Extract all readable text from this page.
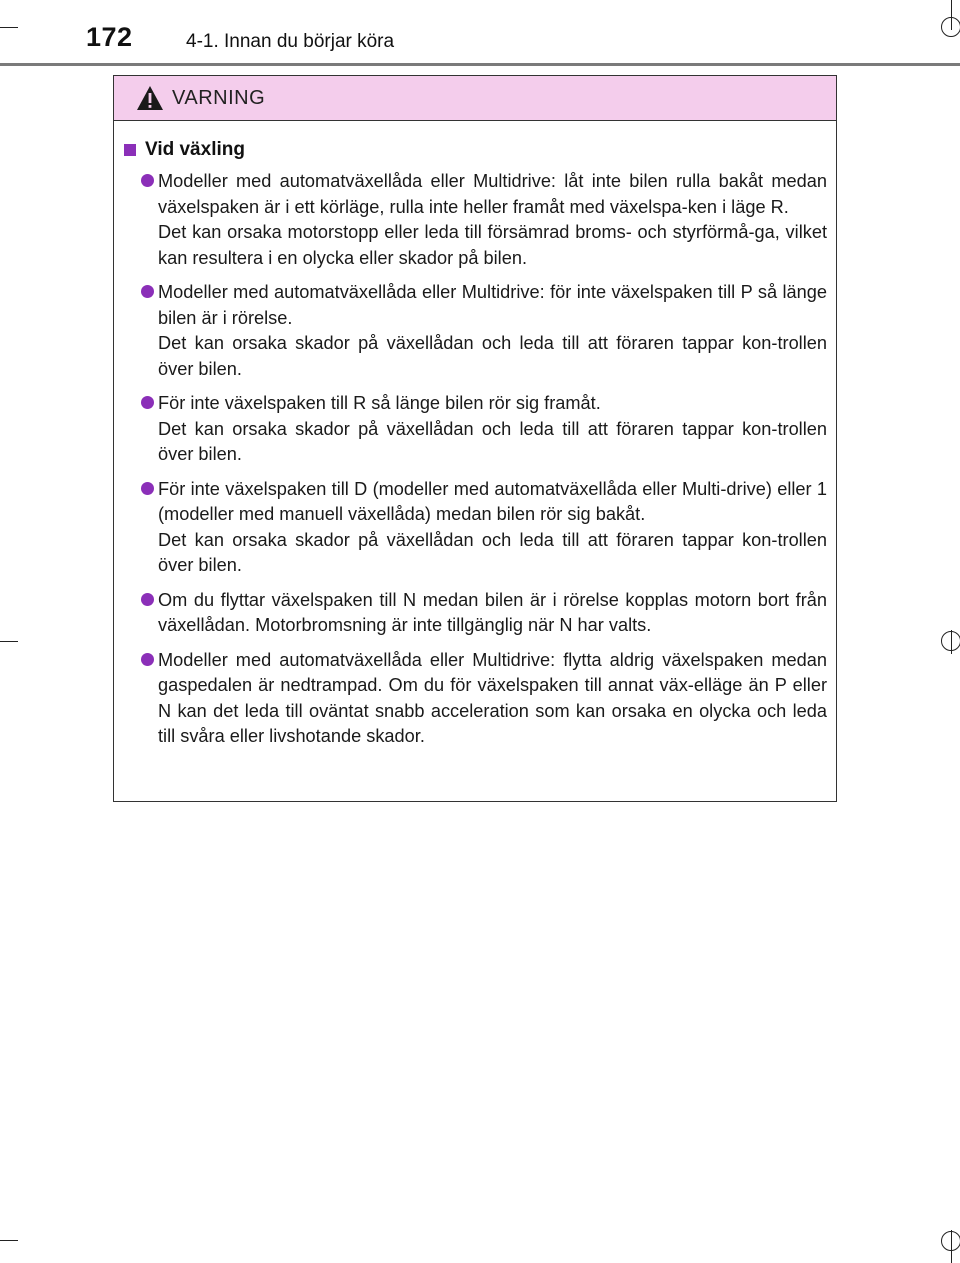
172	4-1. Innan du börjar köra
VARNING
Vid växling

Modeller med automatväxellåda eller Multidrive: låt inte bilen rulla bakåt medan växelspaken är i ett körläge, rulla inte heller framåt med växelspa-ken i läge R.

Det kan orsaka motorstopp eller leda till försämrad broms- och styrförmå-ga, vilket kan resultera i en olycka eller skador på bilen.

Modeller med automatväxellåda eller Multidrive: för inte växelspaken till P så länge bilen är i rörelse.

Det kan orsaka skador på växellådan och leda till att föraren tappar kon-trollen över bilen.

För inte växelspaken till R så länge bilen rör sig framåt.

Det kan orsaka skador på växellådan och leda till att föraren tappar kon-trollen över bilen.

För inte växelspaken till D (modeller med automatväxellåda eller Multi-drive) eller 1 (modeller med manuell växellåda) medan bilen rör sig bakåt.

Det kan orsaka skador på växellådan och leda till att föraren tappar kon-trollen över bilen.

Om du flyttar växelspaken till N medan bilen är i rörelse kopplas motorn bort från växellådan. Motorbromsning är inte tillgänglig när N har valts.

Modeller med automatväxellåda eller Multidrive: flytta aldrig växelspaken medan gaspedalen är nedtrampad. Om du för växelspaken till annat väx-elläge än P eller N kan det leda till oväntat snabb acceleration som kan orsaka en olycka och leda till svåra eller livshotande skador.
